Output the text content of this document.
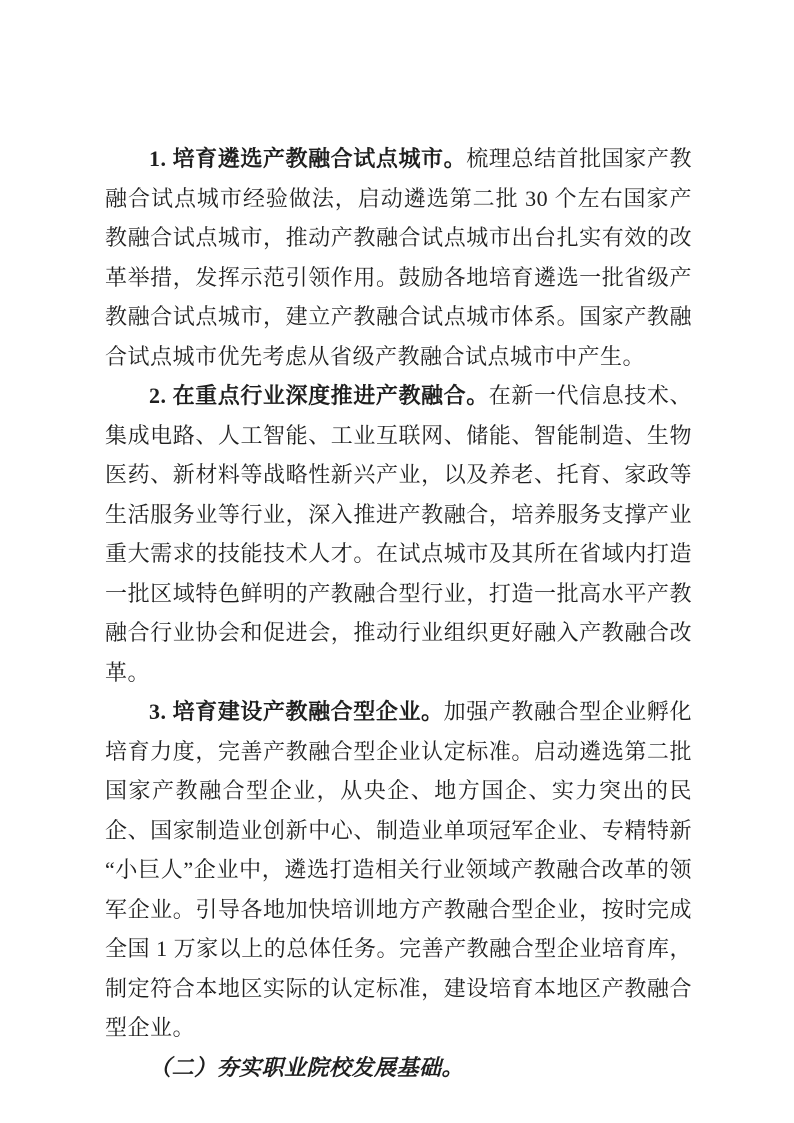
1. 培育遴选产教融合试点城市。梳理总结首批国家产教融合试点城市经验做法，启动遴选第二批 30 个左右国家产教融合试点城市，推动产教融合试点城市出台扎实有效的改革举措，发挥示范引领作用。鼓励各地培育遴选一批省级产教融合试点城市，建立产教融合试点城市体系。国家产教融合试点城市优先考虑从省级产教融合试点城市中产生。

2. 在重点行业深度推进产教融合。在新一代信息技术、集成电路、人工智能、工业互联网、储能、智能制造、生物医药、新材料等战略性新兴产业，以及养老、托育、家政等生活服务业等行业，深入推进产教融合，培养服务支撑产业重大需求的技能技术人才。在试点城市及其所在省域内打造一批区域特色鲜明的产教融合型行业，打造一批高水平产教融合行业协会和促进会，推动行业组织更好融入产教融合改革。

3. 培育建设产教融合型企业。加强产教融合型企业孵化培育力度，完善产教融合型企业认定标准。启动遴选第二批国家产教融合型企业，从央企、地方国企、实力突出的民企、国家制造业创新中心、制造业单项冠军企业、专精特新“小巨人”企业中，遴选打造相关行业领域产教融合改革的领军企业。引导各地加快培训地方产教融合型企业，按时完成全国 1 万家以上的总体任务。完善产教融合型企业培育库，制定符合本地区实际的认定标准，建设培育本地区产教融合型企业。

（二）夯实职业院校发展基础。
